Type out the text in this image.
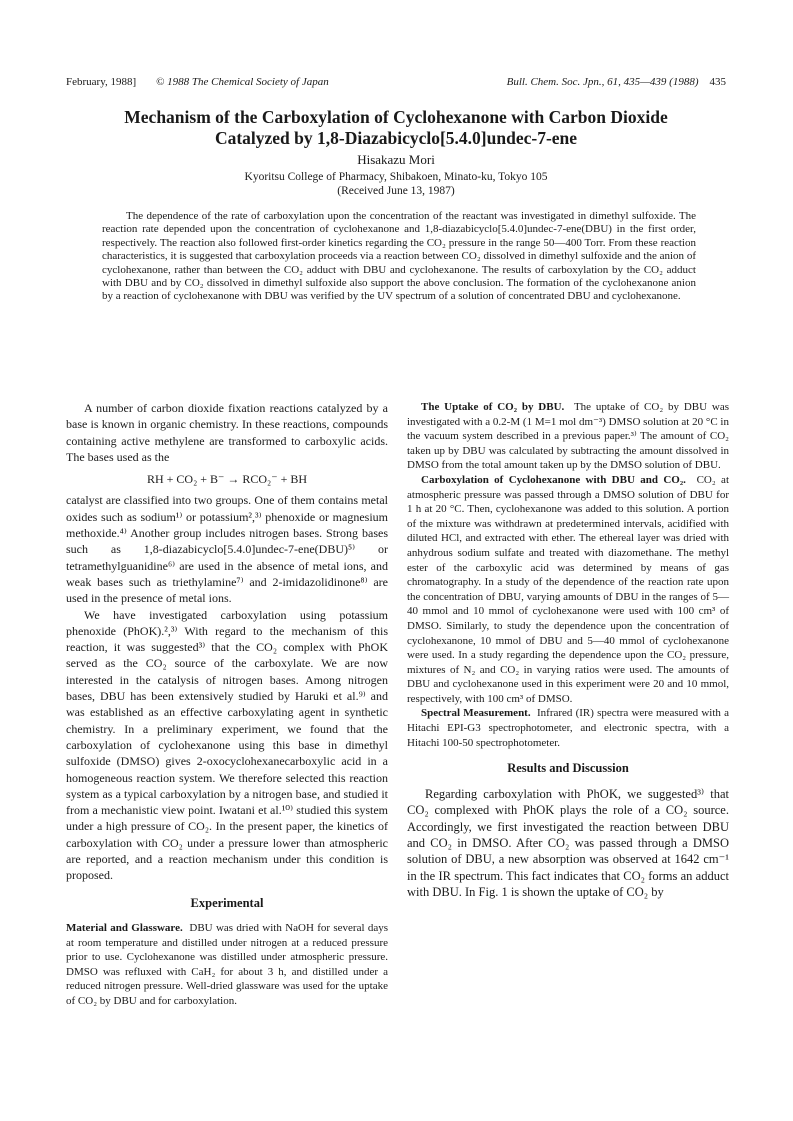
February, 1988] © 1988 The Chemical Society of Japan	Bull. Chem. Soc. Jpn., 61, 435—439 (1988) 435
Mechanism of the Carboxylation of Cyclohexanone with Carbon Dioxide
Catalyzed by 1,8-Diazabicyclo[5.4.0]undec-7-ene
Hisakazu Mori
Kyoritsu College of Pharmacy, Shibakoen, Minato-ku, Tokyo 105
(Received June 13, 1987)
The dependence of the rate of carboxylation upon the concentration of the reactant was investigated in dimethyl sulfoxide. The reaction rate depended upon the concentration of cyclohexanone and 1,8-diazabicyclo[5.4.0]undec-7-ene(DBU) in the first order, respectively. The reaction also followed first-order kinetics regarding the CO₂ pressure in the range 50—400 Torr. From these reaction characteristics, it is suggested that carboxylation proceeds via a reaction between CO₂ dissolved in dimethyl sulfoxide and the anion of cyclohexanone, rather than between the CO₂ adduct with DBU and cyclohexanone. The results of carboxylation by the CO₂ adduct with DBU and by CO₂ dissolved in dimethyl sulfoxide also support the above conclusion. The formation of the cyclohexanone anion by a reaction of cyclohexanone with DBU was verified by the UV spectrum of a solution of concentrated DBU and cyclohexanone.

A number of carbon dioxide fixation reactions catalyzed by a base is known in organic chemistry. In these reactions, compounds containing active methylene are transformed to carboxylic acids. The bases used as the

RH + CO₂ + B⁻ → RCO₂⁻ + BH

catalyst are classified into two groups. One of them contains metal oxides such as sodium¹⁾ or potassium²,³⁾ phenoxide or magnesium methoxide.⁴⁾ Another group includes nitrogen bases. Strong bases such as 1,8-diazabicyclo[5.4.0]undec-7-ene(DBU)⁵⁾ or tetramethylguanidine⁶⁾ are used in the absence of metal ions, and weak bases such as triethylamine⁷⁾ and 2-imidazolidinone⁸⁾ are used in the presence of metal ions.

We have investigated carboxylation using potassium phenoxide (PhOK).²,³⁾ With regard to the mechanism of this reaction, it was suggested³⁾ that the CO₂ complex with PhOK served as the CO₂ source of the carboxylate. We are now interested in the catalysis of nitrogen bases. Among nitrogen bases, DBU has been extensively studied by Haruki et al.⁹⁾ and was established as an effective carboxylating agent in synthetic chemistry. In a preliminary experiment, we found that the carboxylation of cyclohexanone using this base in dimethyl sulfoxide (DMSO) gives 2-oxocyclohexanecarboxylic acid in a homogeneous reaction system. We therefore selected this reaction system as a typical carboxylation by a nitrogen base, and studied it from a mechanistic view point. Iwatani et al.¹⁰⁾ studied this system under a high pressure of CO₂. In the present paper, the kinetics of carboxylation with CO₂ under a pressure lower than atmospheric are reported, and a reaction mechanism under this condition is proposed.

Experimental

Material and Glassware. DBU was dried with NaOH for several days at room temperature and distilled under nitrogen at a reduced pressure prior to use. Cyclohexanone was distilled under atmospheric pressure. DMSO was refluxed with CaH₂ for about 3 h, and distilled under a reduced nitrogen pressure. Well-dried glassware was used for the uptake of CO₂ by DBU and for carboxylation.

The Uptake of CO₂ by DBU. The uptake of CO₂ by DBU was investigated with a 0.2-M (1 M=1 mol dm⁻³) DMSO solution at 20 °C in the vacuum system described in a previous paper.³⁾ The amount of CO₂ taken up by DBU was calculated by subtracting the amount dissolved in DMSO from the total amount taken up by the DMSO solution of DBU.

Carboxylation of Cyclohexanone with DBU and CO₂. CO₂ at atmospheric pressure was passed through a DMSO solution of DBU for 1 h at 20 °C. Then, cyclohexanone was added to this solution. A portion of the mixture was withdrawn at predetermined intervals, acidified with diluted HCl, and extracted with ether. The ethereal layer was dried with anhydrous sodium sulfate and treated with diazomethane. The methyl ester of the carboxylic acid was determined by means of gas chromatography. In a study of the dependence of the reaction rate upon the concentration of DBU, varying amounts of DBU in the ranges of 5—40 mmol and 10 mmol of cyclohexanone were used with 100 cm³ of DMSO. Similarly, to study the dependence upon the concentration of cyclohexanone, 10 mmol of DBU and 5—40 mmol of cyclohexanone were used. In a study regarding the dependence upon the CO₂ pressure, mixtures of N₂ and CO₂ in varying ratios were used. The amounts of DBU and cyclohexanone used in this experiment were 20 and 10 mmol, respectively, with 100 cm³ of DMSO.

Spectral Measurement. Infrared (IR) spectra were measured with a Hitachi EPI-G3 spectrophotometer, and electronic spectra, with a Hitachi 100-50 spectrophotometer.

Results and Discussion

Regarding carboxylation with PhOK, we suggested³⁾ that CO₂ complexed with PhOK plays the role of a CO₂ source. Accordingly, we first investigated the reaction between DBU and CO₂ in DMSO. After CO₂ was passed through a DMSO solution of DBU, a new absorption was observed at 1642 cm⁻¹ in the IR spectrum. This fact indicates that CO₂ forms an adduct with DBU. In Fig. 1 is shown the uptake of CO₂ by
